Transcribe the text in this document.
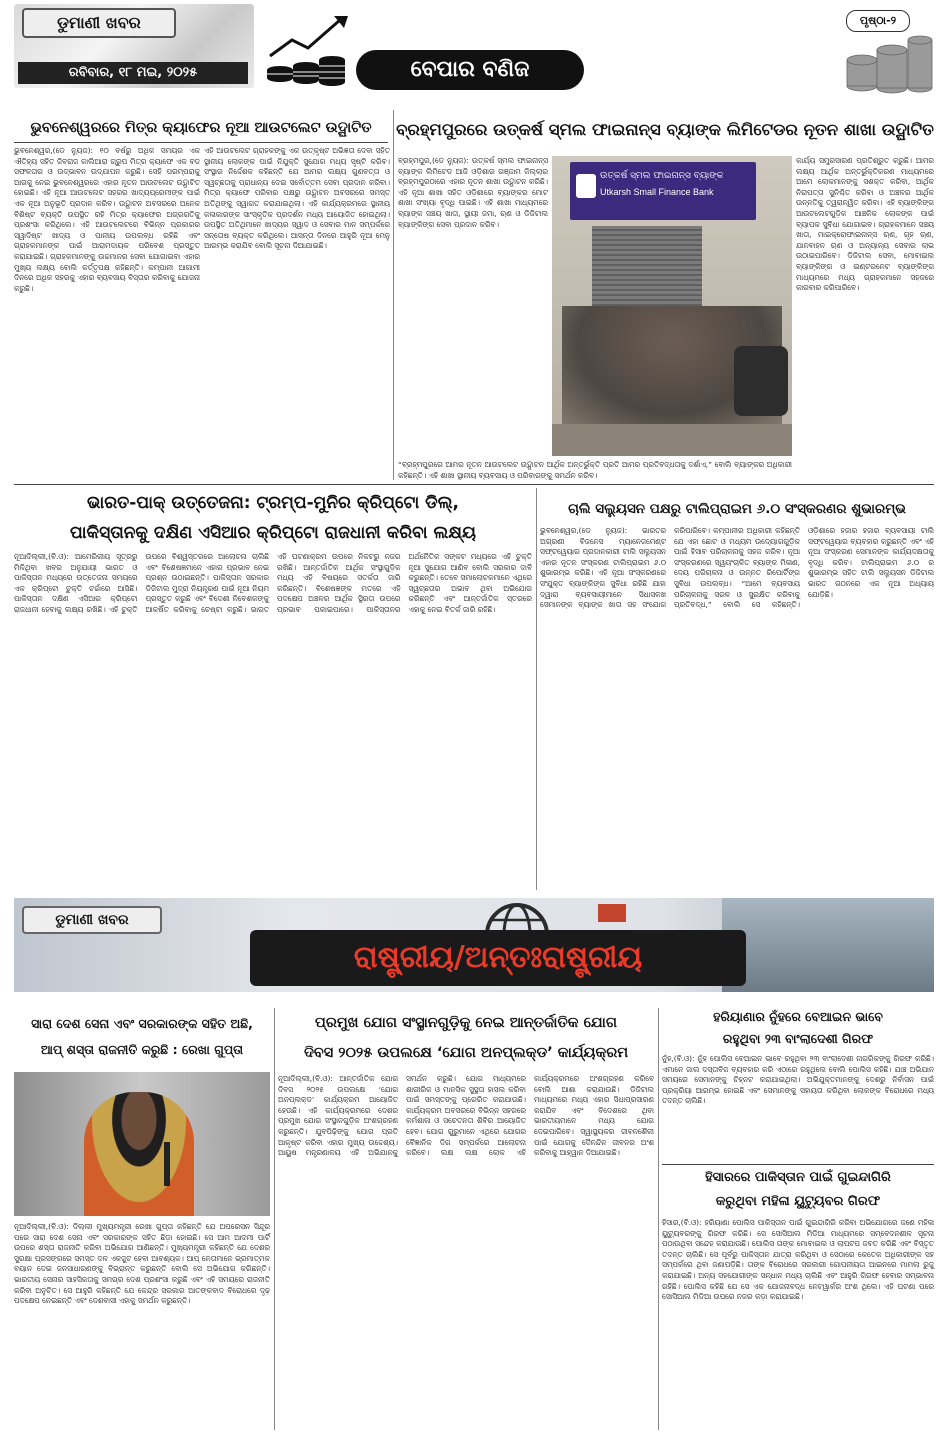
ଡୁମାଣୀ ଖବର
ରବିବାର, ୧୮ ମଇ, ୨୦୨୫	ବେପାର ବଣିଜ
ପୃଷ୍ଠା-୨
ଭୁବନେଶ୍ୱରରେ ମିତ୍ର କ୍ୟାଫେର ନୂଆ ଆଉଟଲେଟ ଉଦ୍ଘାଟିତ
ଭୁବନେଶ୍ୱର,(ଡେ ନ୍ୟୁଜ): ୧୦ ବର୍ଷରୁ ଅଧିକ ସମୟର ଏକ ଐତିହ୍ୟ ସହିତ ଜିବରାଜ କାଲିଆରା ଗ୍ରୁପ ମିତ୍ର କ୍ୟାଫେ ଏକ ବଡ ସଫଳତାର ଓ ଉଦ୍ଭାବନ ଉଦ୍‌ଯାପନ କରୁଛି। ସେହି ପରମ୍ପରାକୁ ଆଗକୁ ନେଇ ଭୁବନେଶ୍ୱରରେ ଏହାର ନୂତନ ଆଉଟଲେଟ ଉଦ୍ଘାଟିତ ହୋଇଛି। ଏହି ନୂଆ ଆଉଟଲେଟ ସହରର ଖାଦ୍ୟପ୍ରେମୀଙ୍କ ପାଇଁ ଏକ ନୂଆ ଅନୁଭୂତି ପ୍ରଦାନ କରିବ। ଉଦ୍ଘାଟନ ଅବସରରେ ଅନେକ ବିଶିଷ୍ଟ ବ୍ୟକ୍ତି ଉପସ୍ଥିତ ରହି ମିତ୍ର କ୍ୟାଫେର ଅଗ୍ରଗତିକୁ ପ୍ରଶଂସା କରିଥିଲେ। ଏହି ଆଉଟଲେଟରେ ବିଭିନ୍ନ ପ୍ରକାରର ସ୍ୱାଦିଷ୍ଟ ଖାଦ୍ୟ ଓ ପାନୀୟ ଉପଲବ୍ଧ ରହିଛି ଏବଂ ଗ୍ରାହକମାନଙ୍କ ପାଇଁ ଆରାମଦାୟକ ପରିବେଶ ପ୍ରସ୍ତୁତ କରାଯାଇଛି। ଗ୍ରାହକମାନଙ୍କୁ ଉଚ୍ଚମାନର ସେବା ଯୋଗାଇବା ଏହାର ମୁଖ୍ୟ ଲକ୍ଷ୍ୟ ବୋଲି କର୍ତ୍ତୃପକ୍ଷ କହିଛନ୍ତି। କମ୍ପାନୀ ଆଗାମୀ ଦିନରେ ଅଧିକ ସହରକୁ ଏହାର ବ୍ୟବସାୟ ବିସ୍ତାର କରିବାକୁ ଯୋଜନା କରୁଛି।
ଏହି ଆଉଟଲେଟ ଗ୍ରାହକଙ୍କୁ ଏକ ଉତ୍କୃଷ୍ଟ ଅଭିଜ୍ଞତା ଦେବା ସହିତ ସ୍ଥାନୀୟ ଲୋକଙ୍କ ପାଇଁ ନିଯୁକ୍ତି ସୁଯୋଗ ମଧ୍ୟ ସୃଷ୍ଟି କରିବ। ସଂସ୍ଥାର ନିର୍ଦ୍ଦେଶକ କହିଛନ୍ତି ଯେ ଆମର ଲକ୍ଷ୍ୟ ଗୁଣବତ୍ତା ଓ ସ୍ୱଚ୍ଛତାକୁ ପ୍ରାଧାନ୍ୟ ଦେଇ ସର୍ବୋତ୍ତମ ସେବା ପ୍ରଦାନ କରିବା। ମିତ୍ର କ୍ୟାଫେ ପରିବାର ପକ୍ଷରୁ ଉଦ୍ଘାଟନ ଅବସରରେ ସମସ୍ତ ଅତିଥିଙ୍କୁ ସ୍ୱାଗତ କରାଯାଇଥିଲା। ଏହି କାର୍ଯ୍ୟକ୍ରମରେ ସ୍ଥାନୀୟ କଳାକାରଙ୍କ ସାଂସ୍କୃତିକ ପ୍ରଦର୍ଶନ ମଧ୍ୟ ଆୟୋଜିତ ହୋଇଥିଲା। ଉପସ୍ଥିତ ଅତିଥିମାନେ ଖାଦ୍ୟର ସ୍ୱାଦ ଓ ସେବାର ମାନ ସମ୍ପର୍କରେ ସନ୍ତୋଷ ବ୍ୟକ୍ତ କରିଥିଲେ। ଆସନ୍ତା ଦିନରେ ଆହୁରି ନୂଆ ମେନୁ ଆରମ୍ଭ କରାଯିବ ବୋଲି ସୂଚନା ଦିଆଯାଇଛି।
ବ୍ରହ୍ମପୁରରେ ଉତ୍କର୍ଷ ସ୍ମଲ ଫାଇନାନ୍ସ ବ୍ୟାଙ୍କ ଲିମିଟେଡର ନୂତନ ଶାଖା ଉଦ୍ଘାଟିତ
ବ୍ରହ୍ମପୁର,(ଡେ ନ୍ୟୁଜ): ଉତ୍କର୍ଷ ସ୍ମଲ ଫାଇନାନ୍ସ ବ୍ୟାଙ୍କ ଲିମିଟେଡ ଆଜି ଓଡ଼ିଶାର ଗଞ୍ଜାମ ଜିଲ୍ଲାର ବ୍ରହ୍ମପୁରଠାରେ ଏହାର ନୂତନ ଶାଖା ଉଦ୍ଘାଟନ କରିଛି। ଏହି ନୂଆ ଶାଖା ସହିତ ଓଡ଼ିଶାରେ ବ୍ୟାଙ୍କର ମୋଟ ଶାଖା ସଂଖ୍ୟା ବୃଦ୍ଧି ପାଇଛି। ଏହି ଶାଖା ମାଧ୍ୟମରେ ବ୍ୟାଙ୍କ ସଞ୍ଚୟ ଖାତା, ସ୍ଥାୟୀ ଜମା, ଋଣ ଓ ଡିଜିଟାଲ ବ୍ୟାଙ୍କିଙ୍ଗ ସେବା ପ୍ରଦାନ କରିବ।
ଉତ୍କର୍ଷ ସ୍ମଲ ଫାଇନାନ୍ସ ବ୍ୟାଙ୍କ
Utkarsh Small Finance Bank
କାର୍ଯ୍ୟ ସମ୍ପ୍ରସାରଣ ପ୍ରତିଶ୍ରୁତ କରୁଛି। ଆମର ଲକ୍ଷ୍ୟ ଆର୍ଥିକ ଅନ୍ତର୍ଭୁକ୍ତିକରଣ ମାଧ୍ୟମରେ ଆମେ ଲୋକମାନଙ୍କୁ ସଶକ୍ତ କରିବା, ଆର୍ଥିକ ନିରାପତ୍ତା ସୁନିଶ୍ଚିତ କରିବା ଓ ଅଞ୍ଚଳର ଆର୍ଥିକ ଉନ୍ନତିକୁ ତ୍ୱରାନ୍ୱିତ କରିବା। ଏହି ବ୍ୟାଙ୍କିଙ୍ଗ ଆଉଟଲେଟଗୁଡ଼ିକ ଆଞ୍ଚଳିକ ଲୋକଙ୍କ ପାଇଁ ବ୍ୟାପକ ସୁବିଧା ଯୋଗାଇବ। ଗ୍ରାହକମାନେ ସଞ୍ଚୟ ଖାତା, ମାଇକ୍ରୋଫାଇନାନ୍ସ ଋଣ, ଗୃହ ଋଣ, ଯାନବାହନ ଋଣ ଓ ଅନ୍ୟାନ୍ୟ ସେବାର ଲାଭ ଉଠାଇପାରିବେ। ଡିଜିଟାଲ ସେବା, ମୋବାଇଲ ବ୍ୟାଙ୍କିଙ୍ଗ ଓ ଇଣ୍ଟରନେଟ ବ୍ୟାଙ୍କିଙ୍ଗ ମାଧ୍ୟମରେ ମଧ୍ୟ ଗ୍ରାହକମାନେ ସହଜରେ କାରବାର କରିପାରିବେ।
“ବ୍ରହ୍ମପୁରରେ ଆମର ନୂତନ ଆଉଟଲେଟ ଉଦ୍ଘାଟନ ଆର୍ଥିକ ଅନ୍ତର୍ଭୁକ୍ତି ପ୍ରତି ଆମର ପ୍ରତିବଦ୍ଧତାକୁ ଦର୍ଶାଏ,” ବୋଲି ବ୍ୟାଙ୍କର ଅଧିକାରୀ କହିଛନ୍ତି। ଏହି ଶାଖା ସ୍ଥାନୀୟ ବ୍ୟବସାୟ ଓ ପରିବାରଙ୍କୁ ସମର୍ଥନ କରିବ।
ଭାରତ-ପାକ୍ ଉତ୍ତେଜନା: ଟ୍ରମ୍ପ-ମୁନିର କ୍ରିପ୍ଟୋ ଡିଲ୍,
ପାକିସ୍ତାନକୁ ଦକ୍ଷିଣ ଏସିଆର କ୍ରିପ୍ଟୋ ରାଜଧାନୀ କରିବା ଲକ୍ଷ୍ୟ
ନୂଆଦିଲ୍ଲୀ,(ବି.ଓ): ଆମେରିକୀୟ ସୂତ୍ରରୁ ମିଳିଥିବା ଖବର ଅନୁଯାୟୀ ଭାରତ ଓ ପାକିସ୍ତାନ ମଧ୍ୟରେ ଉତ୍ତେଜନା ସମୟରେ ଏକ କ୍ରିପ୍ଟୋ ଚୁକ୍ତି ଚର୍ଚ୍ଚାରେ ଆସିଛି। ପାକିସ୍ତାନ ଦକ୍ଷିଣ ଏସିଆର କ୍ରିପ୍ଟୋ ରାଜଧାନୀ ହେବାକୁ ଲକ୍ଷ୍ୟ ରଖିଛି। ଏହି ଚୁକ୍ତି ଉପରେ ବିଶ୍ୱସ୍ତରରେ ଆଲୋଚନା ଚାଲିଛି ଏବଂ ବିଶେଷଜ୍ଞମାନେ ଏହାର ପ୍ରଭାବ ନେଇ ପ୍ରଶ୍ନ ଉଠାଇଛନ୍ତି। ପାକିସ୍ତାନ ସରକାର ଡିଜିଟାଲ ମୁଦ୍ରା ନିୟନ୍ତ୍ରଣ ପାଇଁ ନୂଆ ନିୟମ ପ୍ରସ୍ତୁତ କରୁଛି ଏବଂ ବିଦେଶୀ ନିବେଶକଙ୍କୁ ଆକର୍ଷିତ କରିବାକୁ ଚେଷ୍ଟା କରୁଛି। ଭାରତ ଏହି ଘଟଣାକ୍ରମ ଉପରେ ନିକଟରୁ ନଜର ରଖିଛି। ଆନ୍ତର୍ଜାତିକ ଆର୍ଥିକ ସଂସ୍ଥାଗୁଡ଼ିକ ମଧ୍ୟ ଏହି ବିଷୟରେ ସତର୍କତା ଜାରି କରିଛନ୍ତି। ବିଶେଷଜ୍ଞଙ୍କ ମତରେ ଏହି ପଦକ୍ଷେପ ଅଞ୍ଚଳର ଆର୍ଥିକ ସ୍ଥିରତା ଉପରେ ପ୍ରଭାବ ପକାଇପାରେ। ପାକିସ୍ତାନର ଅର୍ଥନୈତିକ ସଙ୍କଟ ମଧ୍ୟରେ ଏହି ଚୁକ୍ତି ନୂଆ ସୁଯୋଗ ଆଣିବ ବୋଲି ସରକାର ଦାବି କରୁଛନ୍ତି। ତେବେ ସମାଲୋଚକମାନେ ଏଥିରେ ସ୍ୱଚ୍ଛତାର ଅଭାବ ଥିବା ଅଭିଯୋଗ କରିଛନ୍ତି ଏବଂ ଆନ୍ତର୍ଜାତିକ ସ୍ତରରେ ଏହାକୁ ନେଇ ବିତର୍କ ଜାରି ରହିଛି।
ଚାଲି ସଲ୍ୟୁସନ ପକ୍ଷରୁ ଟାଲିପ୍ରାଇମ ୬.୦ ସଂସ୍କରଣର ଶୁଭାରମ୍ଭ
ଭୁବନେଶ୍ୱର,(ଡେ ନ୍ୟୁଜ): ଭାରତର ଅଗ୍ରଣୀ ବିଜନେସ ମ୍ୟାନେଜମେଣ୍ଟ ସଫ୍ଟୱେୟାର ପ୍ରଦାନକାରୀ ଟାଲି ସଲ୍ୟୁସନ ଏହାର ନୂତନ ସଂସ୍କରଣ ଟାଲିପ୍ରାଇମ ୬.୦ ଶୁଭାରମ୍ଭ କରିଛି। ଏହି ନୂଆ ସଂସ୍କରଣରେ ସଂଯୁକ୍ତ ବ୍ୟାଙ୍କିଙ୍ଗ ସୁବିଧା ରହିଛି ଯାହା ଦ୍ୱାରା ବ୍ୟବସାୟୀମାନେ ସିଧାସଳଖ ସେମାନଙ୍କ ବ୍ୟାଙ୍କ ଖାତା ସହ ସଂଯୋଗ କରିପାରିବେ। କମ୍ପାନୀର ଅଧିକାରୀ କହିଛନ୍ତି ଯେ ଏହା ଛୋଟ ଓ ମଧ୍ୟମ ଉଦ୍ୟୋଗଗୁଡ଼ିକ ପାଇଁ ହିସାବ ପରିଚାଳନାକୁ ସହଜ କରିବ। ନୂଆ ସଂସ୍କରଣରେ ସ୍ୱୟଂଚାଳିତ ବ୍ୟାଙ୍କ ମିଳାଣ, ଦେୟ ପରିଚାଳନା ଓ ଉନ୍ନତ ରିପୋର୍ଟିଙ୍ଗ ସୁବିଧା ଉପଲବ୍ଧ। “ଆମେ ବ୍ୟବସାୟ ପରିଚାଳନାକୁ ସରଳ ଓ ସୁରକ୍ଷିତ କରିବାକୁ ପ୍ରତିବଦ୍ଧ,” ବୋଲି ସେ କହିଛନ୍ତି। ଓଡ଼ିଶାରେ ହଜାର ହଜାର ବ୍ୟବସାୟୀ ଟାଲି ସଫ୍ଟୱେୟାର ବ୍ୟବହାର କରୁଛନ୍ତି ଏବଂ ଏହି ନୂଆ ସଂସ୍କରଣ ସେମାନଙ୍କ କାର୍ଯ୍ୟଦକ୍ଷତାକୁ ବୃଦ୍ଧି କରିବ। ଟାଲିପ୍ରାଇମ ୬.୦ ର ଶୁଭାରମ୍ଭ ସହିତ ଟାଲି ସଲ୍ୟୁସନ ଡିଜିଟାଲ ଭାରତ ଗଠନରେ ଏକ ନୂଆ ଅଧ୍ୟାୟ ଯୋଡ଼ିଛି।
ଡୁମାଣୀ ଖବର
ରାଷ୍ଟ୍ରୀୟ/ଅନ୍ତଃରାଷ୍ଟ୍ରୀୟ
ସାରା ଦେଶ ସେନା ଏବଂ ସରକାରଙ୍କ ସହିତ ଅଛି,
ଆପ୍ ଶସ୍ତା ରାଜନୀତି କରୁଛି : ରେଖା ଗୁପ୍ତା
ନୂଆଦିଲ୍ଲୀ,(ବି.ଓ): ଦିଲ୍ଲୀ ମୁଖ୍ୟମନ୍ତ୍ରୀ ରେଖା ଗୁପ୍ତା କହିଛନ୍ତି ଯେ ଅପରେସନ ସିନ୍ଦୂର ପରେ ସାରା ଦେଶ ସେନା ଏବଂ ସରକାରଙ୍କ ସହିତ ଛିଡ଼ା ହୋଇଛି। ସେ ଆମ ଆଦମୀ ପାର୍ଟି ଉପରେ ଶସ୍ତା ରାଜନୀତି କରିବା ଅଭିଯୋଗ ଆଣିଛନ୍ତି। ମୁଖ୍ୟମନ୍ତ୍ରୀ କହିଛନ୍ତି ଯେ ଦେଶର ସୁରକ୍ଷା ପ୍ରସଙ୍ଗରେ ସମସ୍ତ ଦଳ ଏକଜୁଟ ହେବା ଆବଶ୍ୟକ। ଆପ୍ ନେତାମାନେ ଭ୍ରମାତ୍ମକ ବୟାନ ଦେଇ ଜନସାଧାରଣଙ୍କୁ ବିଭ୍ରାନ୍ତ କରୁଛନ୍ତି ବୋଲି ସେ ଅଭିଯୋଗ କରିଛନ୍ତି। ଭାରତୀୟ ସେନାର ସାହସିକତାକୁ ସମଗ୍ର ଦେଶ ପ୍ରଶଂସା କରୁଛି ଏବଂ ଏହି ସମୟରେ ରାଜନୀତି କରିବା ଅନୁଚିତ। ସେ ଆହୁରି କହିଛନ୍ତି ଯେ କେନ୍ଦ୍ର ସରକାର ଆତଙ୍କବାଦ ବିରୋଧରେ ଦୃଢ଼ ପଦକ୍ଷେପ ନେଇଛନ୍ତି ଏବଂ ଦେଶବାସୀ ଏହାକୁ ସମର୍ଥନ କରୁଛନ୍ତି।
ପ୍ରମୁଖ ଯୋଗ ସଂସ୍ଥାନଗୁଡ଼ିକୁ ନେଇ ଆନ୍ତର୍ଜାତିକ ଯୋଗ
ଦିବସ ୨୦୨୫ ଉପଲକ୍ଷେ ‘ଯୋଗ ଅନପ୍ଲକ୍ଡ’ କାର୍ଯ୍ୟକ୍ରମ
ନୂଆଦିଲ୍ଲୀ,(ବି.ଓ): ଆନ୍ତର୍ଜାତିକ ଯୋଗ ଦିବସ ୨୦୨୫ ଉପଲକ୍ଷେ ‘ଯୋଗ ଅନପ୍ଲକ୍ଡ’ କାର୍ଯ୍ୟକ୍ରମ ଆୟୋଜିତ ହେଉଛି। ଏହି କାର୍ଯ୍ୟକ୍ରମରେ ଦେଶର ପ୍ରମୁଖ ଯୋଗ ସଂସ୍ଥାନଗୁଡ଼ିକ ଅଂଶଗ୍ରହଣ କରୁଛନ୍ତି। ଯୁବପିଢ଼ିଙ୍କୁ ଯୋଗ ପ୍ରତି ଆକୃଷ୍ଟ କରିବା ଏହାର ମୁଖ୍ୟ ଉଦ୍ଦେଶ୍ୟ। ଆୟୁଷ ମନ୍ତ୍ରଣାଳୟ ଏହି ଅଭିଯାନକୁ ସମର୍ଥନ କରୁଛି। ଯୋଗ ମାଧ୍ୟମରେ ଶାରୀରିକ ଓ ମାନସିକ ସୁସ୍ଥତା ହାସଲ କରିବା ପାଇଁ ସମସ୍ତଙ୍କୁ ପ୍ରେରିତ କରାଯାଉଛି। କାର୍ଯ୍ୟକ୍ରମ ଅବସରରେ ବିଭିନ୍ନ ସହରରେ କର୍ମଶାଳା ଓ ସଚେତନତା ଶିବିର ଆୟୋଜିତ ହେବ। ଯୋଗ ଗୁରୁମାନେ ଏଥିରେ ଯୋଗର ବୈଜ୍ଞାନିକ ଦିଗ ସମ୍ପର୍କରେ ଆଲୋଚନା କରିବେ। ଲକ୍ଷ ଲକ୍ଷ ଲୋକ ଏହି କାର୍ଯ୍ୟକ୍ରମରେ ଅଂଶଗ୍ରହଣ କରିବେ ବୋଲି ଆଶା କରାଯାଉଛି। ଡିଜିଟାଲ ମାଧ୍ୟମରେ ମଧ୍ୟ ଏହାର ସିଧାପ୍ରସାରଣ କରାଯିବ ଏବଂ ବିଦେଶରେ ଥିବା ଭାରତୀୟମାନେ ମଧ୍ୟ ଯୋଗ ଦେଇପାରିବେ। ସ୍ୱାସ୍ଥ୍ୟକର ଜୀବନଶୈଳୀ ପାଇଁ ଯୋଗକୁ ଦୈନନ୍ଦିନ ଜୀବନର ଅଂଶ କରିବାକୁ ଆହ୍ୱାନ ଦିଆଯାଇଛି।
ହରିୟାଣାର ନୁଁହରେ ବେଆଇନ ଭାବେ
ରହୁଥିବା ୨୩ ବାଂଲାଦେଶୀ ଗିରଫ
ନୁଁହ,(ବି.ଓ): ନୁଁହ ପୋଲିସ ବେଆଇନ ଭାବେ ରହୁଥିବା ୨୩ ବାଂଲାଦେଶୀ ନାଗରିକଙ୍କୁ ଗିରଫ କରିଛି। ଏମାନେ ଜାଲ ଦସ୍ତାବିଜ ବ୍ୟବହାର କରି ଏଠାରେ ରହୁଥିଲେ ବୋଲି ପୋଲିସ କହିଛି। ଯାଞ୍ଚ ଅଭିଯାନ ସମୟରେ ସେମାନଙ୍କୁ ଚିହ୍ନଟ କରାଯାଇଥିଲା। ଅଭିଯୁକ୍ତମାନଙ୍କୁ ଦେଶରୁ ନିର୍ବାସନ ପାଇଁ ପ୍ରକ୍ରିୟା ଆରମ୍ଭ ହୋଇଛି ଏବଂ ସେମାନଙ୍କୁ ସହାୟତା କରିଥିବା ଲୋକଙ୍କ ବିରୋଧରେ ମଧ୍ୟ ତଦନ୍ତ ଚାଲିଛି।
ହିସାରରେ ପାକିସ୍ତାନ ପାଇଁ ଗୁଇନ୍ଦାଗିରି
କରୁଥିବା ମହିଳା ୟୁଟ୍ୟୁବର ଗିରଫ
ହିସାର,(ବି.ଓ): ହରିୟାଣା ପୋଲିସ ପାକିସ୍ତାନ ପାଇଁ ଗୁଇନ୍ଦାଗିରି କରିବା ଅଭିଯୋଗରେ ଜଣେ ମହିଳା ୟୁଟ୍ୟୁବରଙ୍କୁ ଗିରଫ କରିଛି। ସେ ସୋସିଆଲ ମିଡିଆ ମାଧ୍ୟମରେ ସମ୍ବେଦନଶୀଳ ସୂଚନା ପଠାଉଥିବା ସନ୍ଦେହ କରାଯାଉଛି। ପୋଲିସ ତାଙ୍କ ମୋବାଇଲ ଓ ଲାପଟପ ଜବତ କରିଛି ଏବଂ ବିସ୍ତୃତ ତଦନ୍ତ ଚାଲିଛି। ସେ ପୂର୍ବରୁ ପାକିସ୍ତାନ ଯାତ୍ରା କରିଥିବା ଓ ସେଠାରେ କେତେକ ଅଧିକାରୀଙ୍କ ସହ ସମ୍ପର୍କରେ ଥିବା ଜଣାପଡ଼ିଛି। ତାଙ୍କ ବିରୋଧରେ ସରକାରୀ ଗୋପନୀୟତା ଆଇନରେ ମାମଲା ରୁଜୁ କରାଯାଇଛି। ଅନ୍ୟ ସହଯୋଗୀଙ୍କ ସନ୍ଧାନ ମଧ୍ୟ ଚାଲିଛି ଏବଂ ଆହୁରି ଗିରଫ ହେବାର ସମ୍ଭାବନା ରହିଛି। ପୋଲିସ କହିଛି ଯେ ସେ ଏକ ଯୋଜନାବଦ୍ଧ ନେଟୱାର୍କର ଅଂଶ ଥିଲେ। ଏହି ଘଟଣା ପରେ ସୋସିଆଲ ମିଡିଆ ଉପରେ ନଜର କଡ଼ା କରାଯାଇଛି।
